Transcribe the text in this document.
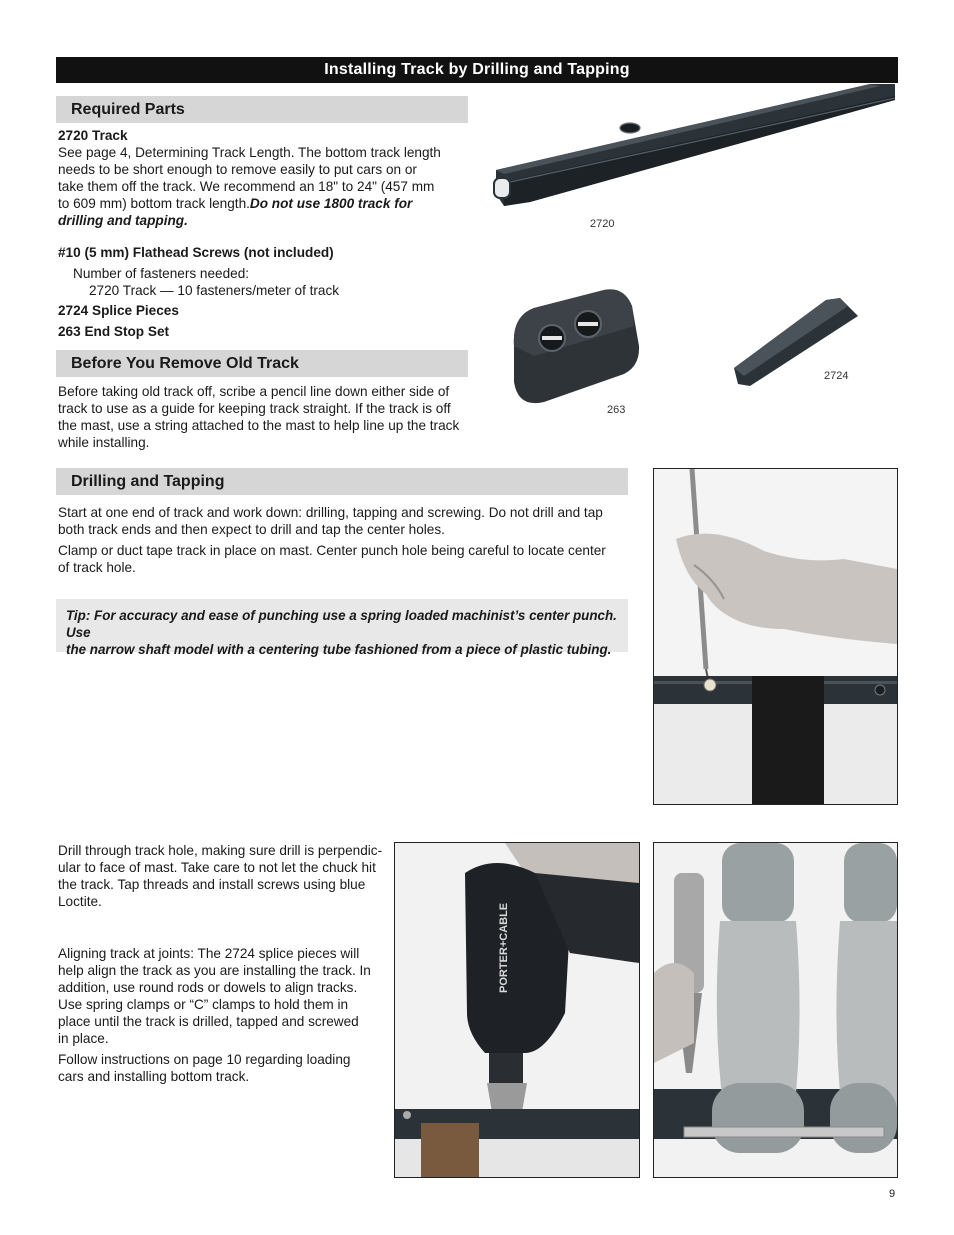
Installing Track by Drilling and Tapping
Required Parts

2720 Track

See page 4, Determining Track Length. The bottom track length

needs to be short enough to remove easily to put cars on or

take them off the track. We recommend an 18" to 24" (457 mm

to 609 mm) bottom track length.Do not use 1800 track for

drilling and tapping.

#10 (5 mm) Flathead Screws (not included)
Number of fasteners needed:
2720 Track — 10 fasteners/meter of track
2724 Splice Pieces
263 End Stop Set
Before You Remove Old Track

Before taking old track off, scribe a pencil line down either side of

track to use as a guide for keeping track straight. If the track is off

the mast, use a string attached to the mast to help line up the track

while installing.

Drilling and Tapping

Start at one end of track and work down: drilling, tapping and screwing. Do not drill and tap

both track ends and then expect to drill and tap the center holes.

Clamp or duct tape track in place on mast. Center punch hole being careful to locate center

of track hole.

Tip: For accuracy and ease of punching use a spring loaded machinist’s center punch. Use

the narrow shaft model with a centering tube fashioned from a piece of plastic tubing.

Drill through track hole, making sure drill is perpendic-

ular to face of mast. Take care to not let the chuck hit

the track. Tap threads and install screws using blue

Loctite.

Aligning track at joints: The 2724 splice pieces will

help align the track as you are installing the track. In

addition, use round rods or dowels to align tracks.

Use spring clamps or “C” clamps to hold them in

place until the track is drilled, tapped and screwed

in place.

Follow instructions on page 10 regarding loading

cars and installing bottom track.

2720
263
2724
PORTER+CABLE
9
